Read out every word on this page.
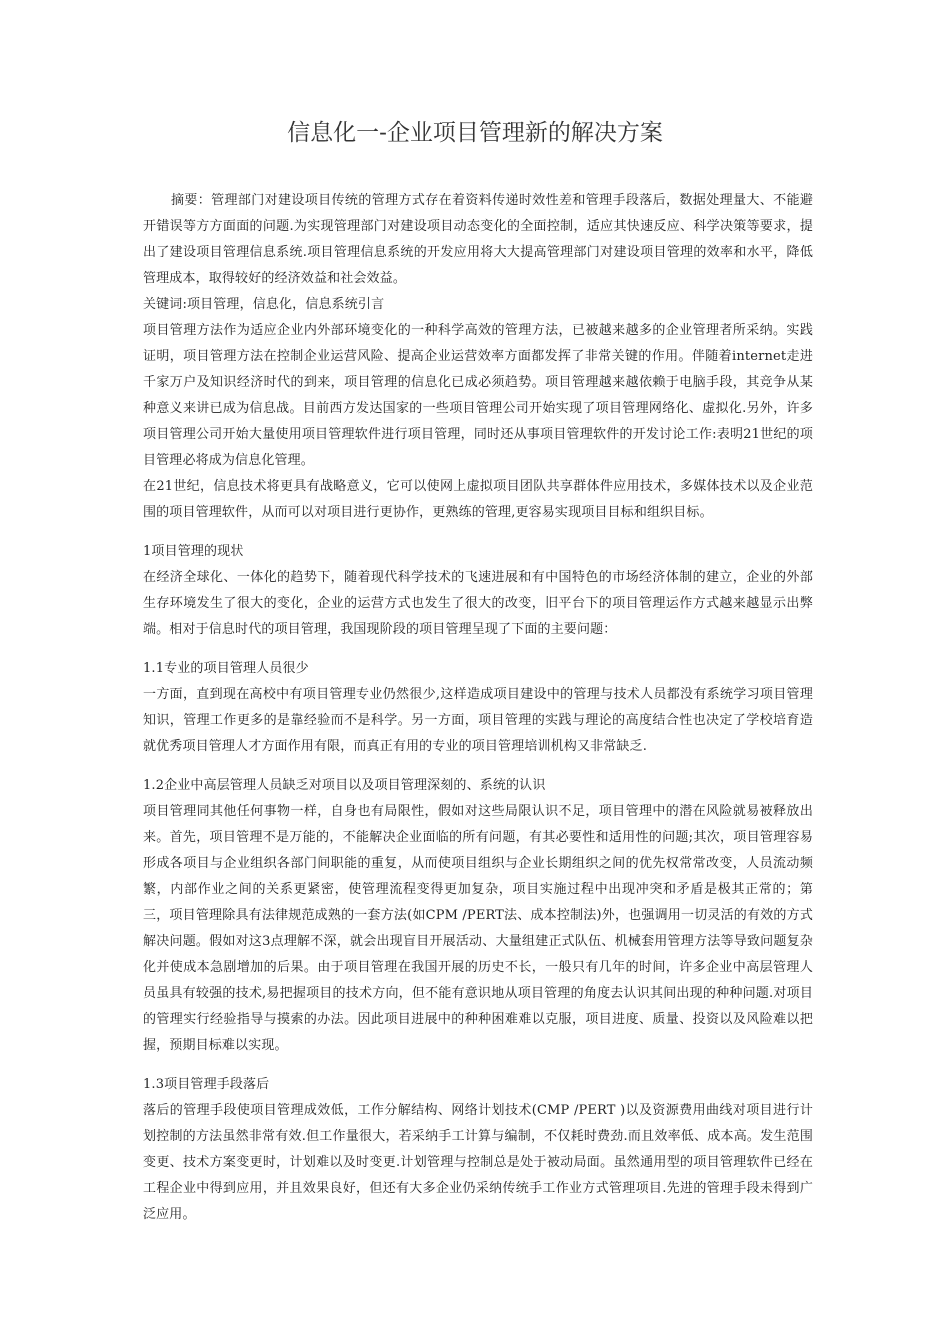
信息化一-企业项目管理新的解决方案

摘要：管理部门对建设项目传统的管理方式存在着资料传递时效性差和管理手段落后，数据处理量大、不能避开错误等方方面面的问题.为实现管理部门对建设项目动态变化的全面控制，适应其快速反应、科学决策等要求，提出了建设项目管理信息系统.项目管理信息系统的开发应用将大大提高管理部门对建设项目管理的效率和水平，降低管理成本，取得较好的经济效益和社会效益。

关键词:项目管理，信息化，信息系统引言

项目管理方法作为适应企业内外部环境变化的一种科学高效的管理方法，已被越来越多的企业管理者所采纳。实践证明，项目管理方法在控制企业运营风险、提高企业运营效率方面都发挥了非常关键的作用。伴随着internet走进千家万户及知识经济时代的到来，项目管理的信息化已成必须趋势。项目管理越来越依赖于电脑手段，其竞争从某种意义来讲已成为信息战。目前西方发达国家的一些项目管理公司开始实现了项目管理网络化、虚拟化.另外，许多项目管理公司开始大量使用项目管理软件进行项目管理，同时还从事项目管理软件的开发讨论工作:表明21世纪的项目管理必将成为信息化管理。

在21世纪，信息技术将更具有战略意义，它可以使网上虚拟项目团队共享群体件应用技术，多媒体技术以及企业范围的项目管理软件，从而可以对项目进行更协作，更熟练的管理,更容易实现项目目标和组织目标。

1项目管理的现状

在经济全球化、一体化的趋势下，随着现代科学技术的飞速进展和有中国特色的市场经济体制的建立，企业的外部生存环境发生了很大的变化，企业的运营方式也发生了很大的改变，旧平台下的项目管理运作方式越来越显示出弊端。相对于信息时代的项目管理，我国现阶段的项目管理呈现了下面的主要问题：

1.1专业的项目管理人员很少

一方面，直到现在高校中有项目管理专业仍然很少,这样造成项目建设中的管理与技术人员都没有系统学习项目管理知识，管理工作更多的是靠经验而不是科学。另一方面，项目管理的实践与理论的高度结合性也决定了学校培育造就优秀项目管理人才方面作用有限，而真正有用的专业的项目管理培训机构又非常缺乏.

1.2企业中高层管理人员缺乏对项目以及项目管理深刻的、系统的认识

项目管理同其他任何事物一样，自身也有局限性，假如对这些局限认识不足，项目管理中的潜在风险就易被释放出来。首先，项目管理不是万能的，不能解决企业面临的所有问题，有其必要性和适用性的问题;其次，项目管理容易形成各项目与企业组织各部门间职能的重复，从而使项目组织与企业长期组织之间的优先权常常改变，人员流动频繁，内部作业之间的关系更紧密，使管理流程变得更加复杂，项目实施过程中出现冲突和矛盾是极其正常的；第三，项目管理除具有法律规范成熟的一套方法(如CPM /PERT法、成本控制法)外，也强调用一切灵活的有效的方式解决问题。假如对这3点理解不深，就会出现盲目开展活动、大量组建正式队伍、机械套用管理方法等导致问题复杂化并使成本急剧增加的后果。由于项目管理在我国开展的历史不长，一般只有几年的时间，许多企业中高层管理人员虽具有较强的技术,易把握项目的技术方向，但不能有意识地从项目管理的角度去认识其间出现的种种问题.对项目的管理实行经验指导与摸索的办法。因此项目进展中的种种困难难以克服，项目进度、质量、投资以及风险难以把握，预期目标难以实现。

1.3项目管理手段落后

落后的管理手段使项目管理成效低，工作分解结构、网络计划技术(CMP /PERT )以及资源费用曲线对项目进行计划控制的方法虽然非常有效.但工作量很大，若采纳手工计算与编制，不仅耗时费劲.而且效率低、成本高。发生范围变更、技术方案变更时，计划难以及时变更.计划管理与控制总是处于被动局面。虽然通用型的项目管理软件已经在工程企业中得到应用，并且效果良好，但还有大多企业仍采纳传统手工作业方式管理项目.先进的管理手段未得到广泛应用。
